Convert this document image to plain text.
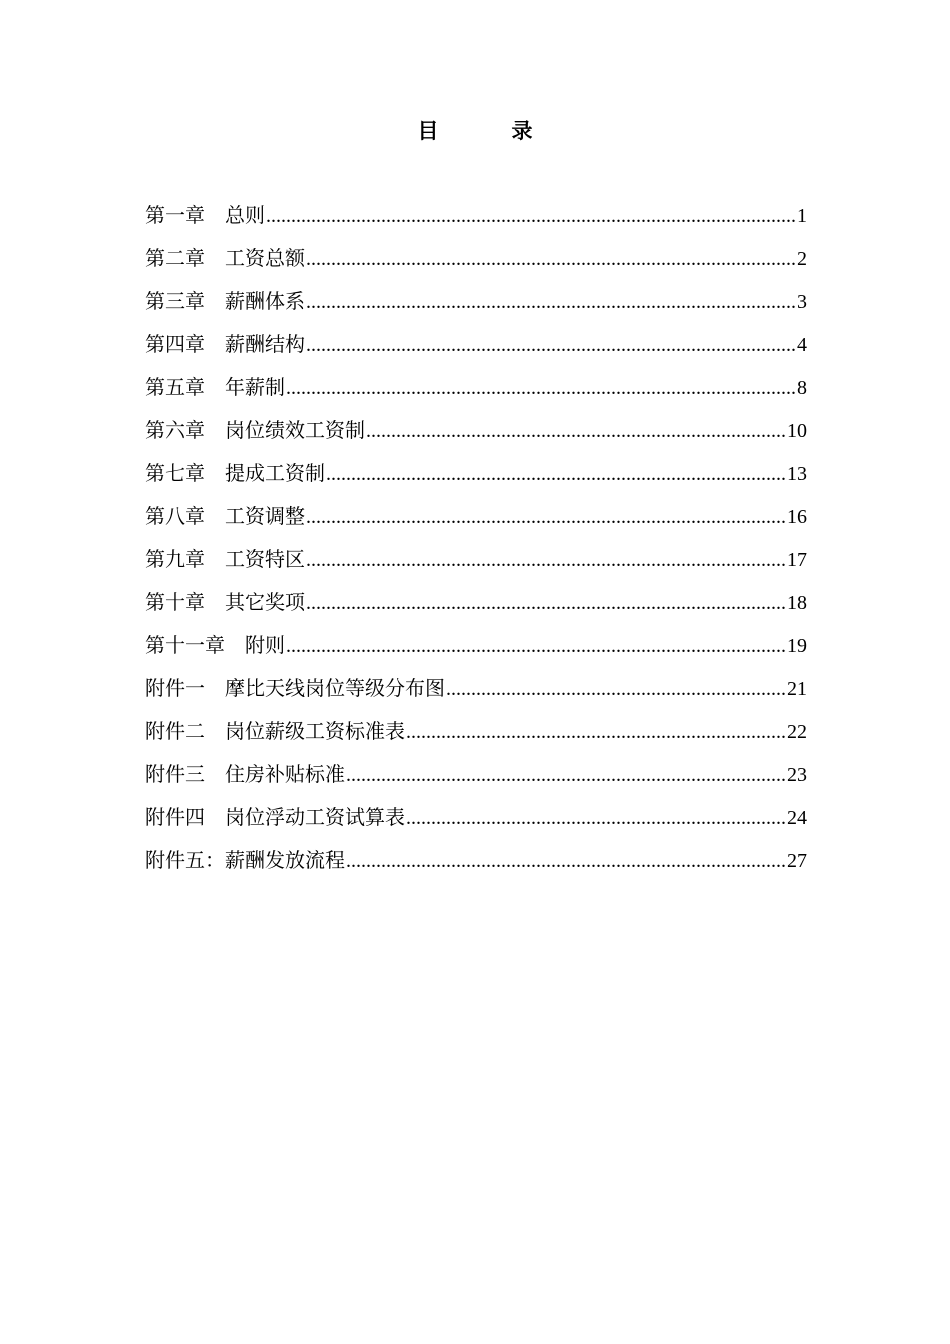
目　录
第一章　总则 .....	1
第二章　工资总额 .....	2
第三章　薪酬体系 .....	3
第四章　薪酬结构 .....	4
第五章　年薪制 .....	8
第六章　岗位绩效工资制 .....	10
第七章　提成工资制 .....	13
第八章　工资调整 .....	16
第九章　工资特区 .....	17
第十章　其它奖项 .....	18
第十一章　附则 .....	19
附件一　摩比天线岗位等级分布图 .....	21
附件二　岗位薪级工资标准表 .....	22
附件三　住房补贴标准 .....	23
附件四　岗位浮动工资试算表 .....	24
附件五：薪酬发放流程 .....	27
